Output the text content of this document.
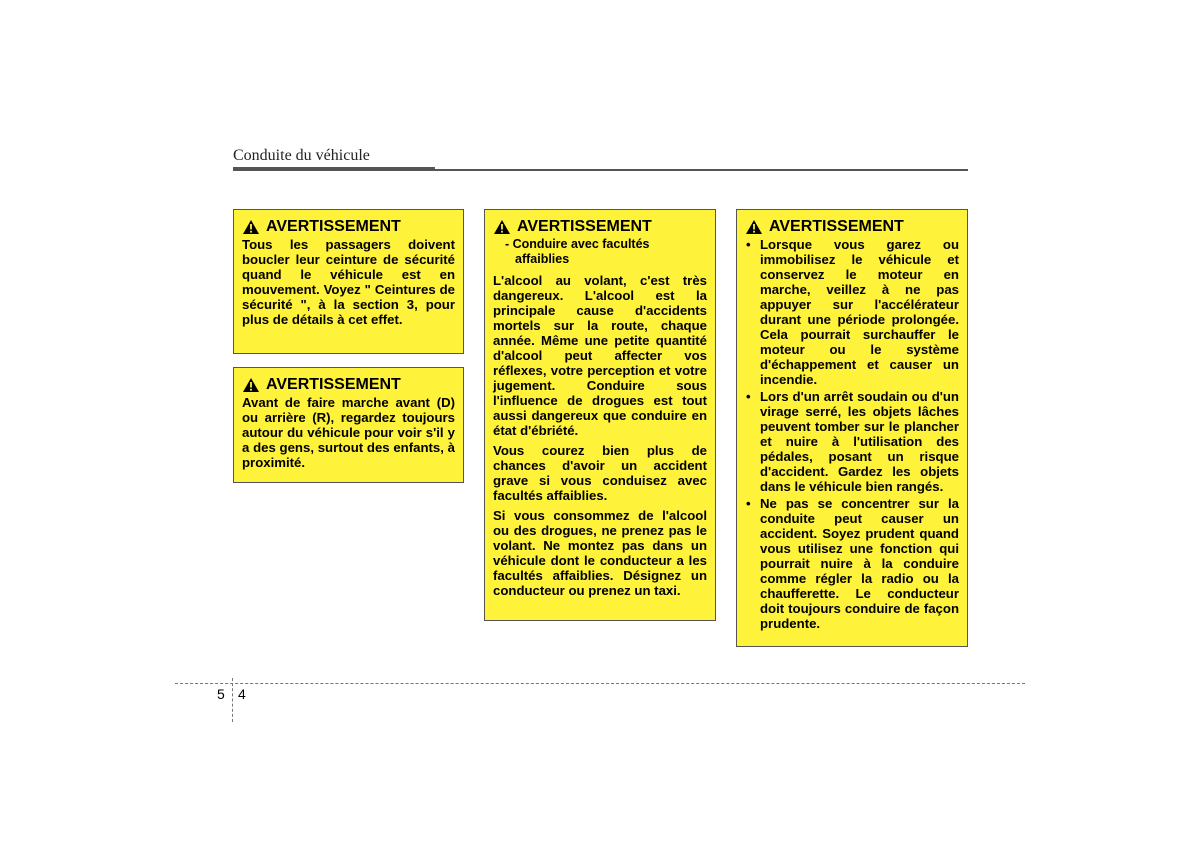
Conduite du véhicule
AVERTISSEMENT

Tous les passagers doivent boucler leur ceinture de sécurité quand le véhicule est en mouvement. Voyez " Ceintures de sécurité ", à la section 3, pour plus de détails à cet effet.

AVERTISSEMENT

Avant de faire marche avant (D) ou arrière (R), regardez toujours autour du véhicule pour voir s'il y a des gens, surtout des enfants, à proximité.

AVERTISSEMENT

- Conduire avec facultés affaiblies

L'alcool au volant, c'est très dangereux. L'alcool est la principale cause d'accidents mortels sur la route, chaque année. Même une petite quantité d'alcool peut affecter vos réflexes, votre perception et votre jugement. Conduire sous l'influence de drogues est tout aussi dangereux que conduire en état d'ébriété.

Vous courez bien plus de chances d'avoir un accident grave si vous conduisez avec facultés affaiblies.

Si vous consommez de l'alcool ou des drogues, ne prenez pas le volant. Ne montez pas dans un véhicule dont le conducteur a les facultés affaiblies. Désignez un conducteur ou prenez un taxi.

AVERTISSEMENT
• Lorsque vous garez ou immobilisez le véhicule et conservez le moteur en marche, veillez à ne pas appuyer sur l'accélérateur durant une période prolongée. Cela pourrait surchauffer le moteur ou le système d'échappement et causer un incendie.
• Lors d'un arrêt soudain ou d'un virage serré, les objets lâches peuvent tomber sur le plancher et nuire à l'utilisation des pédales, posant un risque d'accident. Gardez les objets dans le véhicule bien rangés.
• Ne pas se concentrer sur la conduite peut causer un accident. Soyez prudent quand vous utilisez une fonction qui pourrait nuire à la conduire comme régler la radio ou la chaufferette. Le conducteur doit toujours conduire de façon prudente.
5 4
